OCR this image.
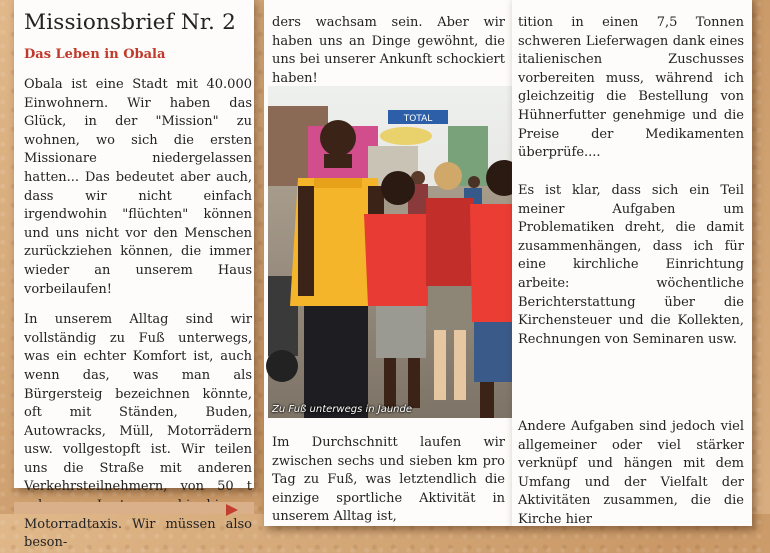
Missionsbrief Nr. 2
Das Leben in Obala

Obala ist eine Stadt mit 40.000 Einwohnern. Wir haben das Glück, in der "Mission" zu wohnen, wo sich die ersten Missionare niedergelassen hatten... Das bedeutet aber auch, dass wir nicht einfach irgendwohin "flüchten" können und uns nicht vor den Menschen zurückziehen können, die immer wieder an unserem Haus vorbeilaufen!

In unserem Alltag sind wir vollständig zu Fuß unterwegs, was ein echter Komfort ist, auch wenn das, was man als Bürgersteig bezeichnen könnte, oft mit Ständen, Buden, Autowracks, Müll, Motorrädern usw. vollgestopft ist. Wir teilen uns die Straße mit anderen Verkehrsteilnehmern, von 50 t Motorradtaxis. Wir müssen also beson-

ders wachsam sein. Aber wir haben uns an Dinge gewöhnt, die uns bei unserer Ankunft schockiert haben!
Im Durchschnitt laufen wir zwischen sechs und sieben km pro Tag zu Fuß, was letztendlich die einzige sportliche Aktivität in unserem Alltag ist,
TOTAL
Zu Fuß unterwegs in Jaunde
tition in einen 7,5 Tonnen schweren Lieferwagen dank eines italienischen Zuschusses vorbereiten muss, während ich gleichzeitig die Bestellung von Hühnerfutter genehmige und die Preise der Medikamenten überprüfe....
Es ist klar, dass sich ein Teil meiner Aufgaben um Problematiken dreht, die damit zusammenhängen, dass ich für eine kirchliche Einrichtung arbeite: wöchentliche Berichterstattung über die Kirchensteuer und die Kollekten, Rechnungen von Seminaren usw.
Andere Aufgaben sind jedoch viel allgemeiner oder viel stärker verknüpf und hängen mit dem Umfang und der Vielfalt der Aktivitäten zusammen, die die Kirche hier
